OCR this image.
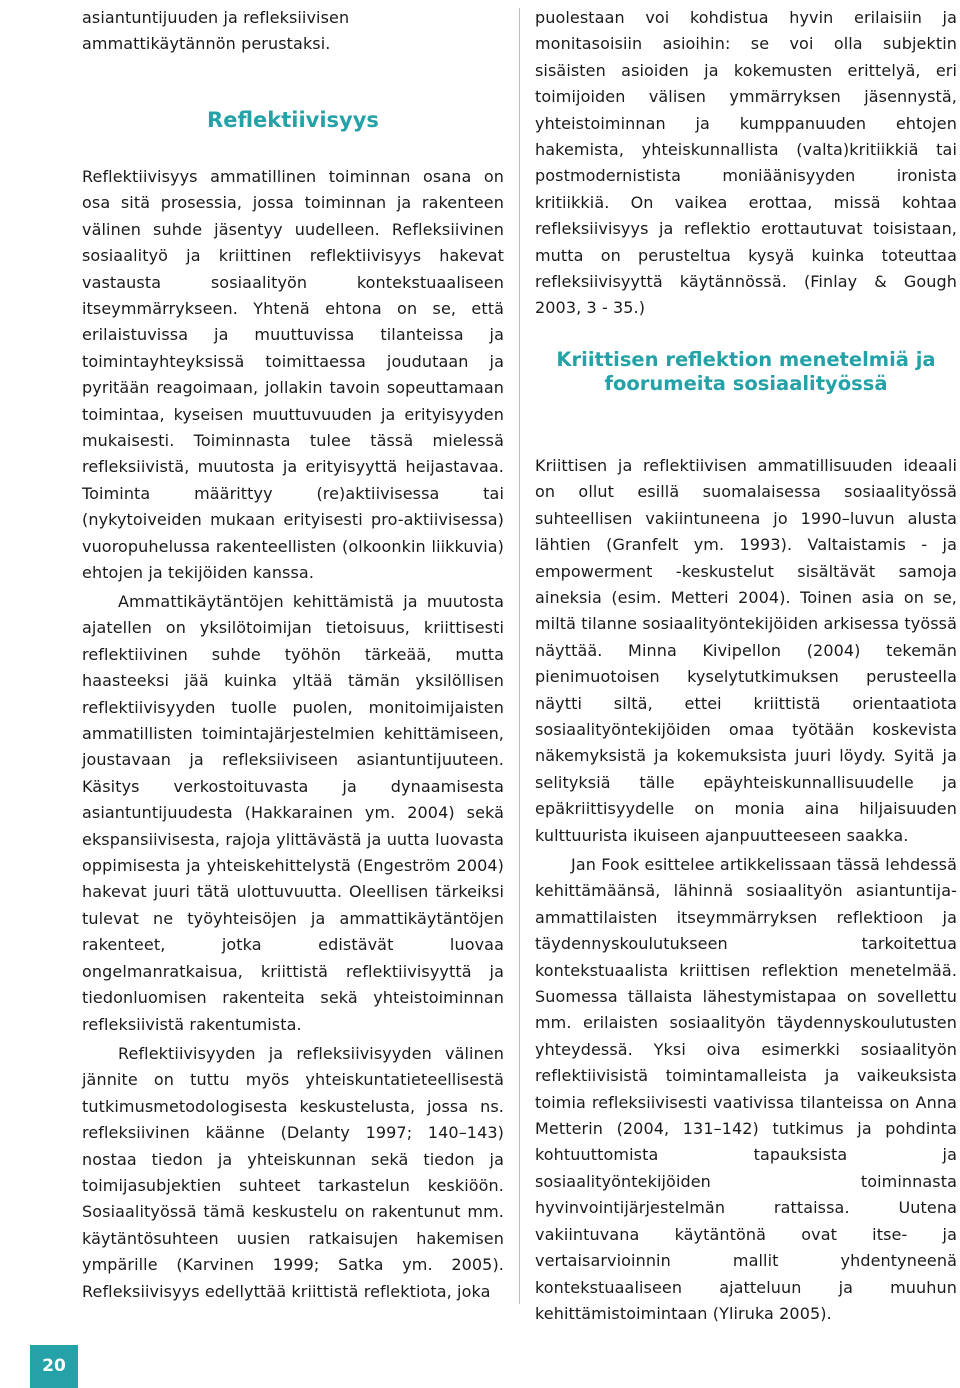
asiantuntijuuden ja refleksiivisen ammattikäytännön perustaksi.

Reflektiivisyys

Reflektiivisyys ammatillinen toiminnan osana on osa sitä prosessia, jossa toiminnan ja rakenteen välinen suhde jäsentyy uudelleen. Refleksiivinen sosiaalityö ja kriittinen reflektiivisyys hakevat vastausta sosiaalityön kontekstuaaliseen itseymmärrykseen. Yhtenä ehtona on se, että erilaistuvissa ja muuttuvissa tilanteissa ja toimintayhteyksissä toimittaessa joudutaan ja pyritään reagoimaan, jollakin tavoin sopeuttamaan toimintaa, kyseisen muuttuvuuden ja erityisyyden mukaisesti. Toiminnasta tulee tässä mielessä refleksiivistä, muutosta ja erityisyyttä heijastavaa. Toiminta määrittyy (re)aktiivisessa tai (nykytoiveiden mukaan erityisesti pro-aktiivisessa) vuoropuhelussa rakenteellisten (olkoonkin liikkuvia) ehtojen ja tekijöiden kanssa.

Ammattikäytäntöjen kehittämistä ja muutosta ajatellen on yksilötoimijan tietoisuus, kriittisesti reflektiivinen suhde työhön tärkeää, mutta haasteeksi jää kuinka yltää tämän yksilöllisen reflektiivisyyden tuolle puolen, monitoimijaisten ammatillisten toimintajärjestelmien kehittämiseen, joustavaan ja refleksiiviseen asiantuntijuuteen. Käsitys verkostoituvasta ja dynaamisesta asiantuntijuudesta (Hakkarainen ym. 2004) sekä ekspansiivisesta, rajoja ylittävästä ja uutta luovasta oppimisesta ja yhteiskehittelystä (Engeström 2004) hakevat juuri tätä ulottuvuutta. Oleellisen tärkeiksi tulevat ne työyhteisöjen ja ammattikäytäntöjen rakenteet, jotka edistävät luovaa ongelmanratkaisua, kriittistä reflektiivisyyttä ja tiedonluomisen rakenteita sekä yhteistoiminnan refleksiivistä rakentumista.

Reflektiivisyyden ja refleksiivisyyden välinen jännite on tuttu myös yhteiskuntatieteellisestä tutkimusmetodologisesta keskustelusta, jossa ns. refleksiivinen käänne (Delanty 1997; 140–143) nostaa tiedon ja yhteiskunnan sekä tiedon ja toimijasubjektien suhteet tarkastelun keskiöön. Sosiaalityössä tämä keskustelu on rakentunut mm. käytäntösuhteen uusien ratkaisujen hakemisen ympärille (Karvinen 1999; Satka ym. 2005). Refleksiivisyys edellyttää kriittistä reflektiota, joka

puolestaan voi kohdistua hyvin erilaisiin ja monitasoisiin asioihin: se voi olla subjektin sisäisten asioiden ja kokemusten erittelyä, eri toimijoiden välisen ymmärryksen jäsennystä, yhteistoiminnan ja kumppanuuden ehtojen hakemista, yhteiskunnallista (valta)kritiikkiä tai postmodernistista moniäänisyyden ironista kritiikkiä. On vaikea erottaa, missä kohtaa refleksiivisyys ja reflektio erottautuvat toisistaan, mutta on perusteltua kysyä kuinka toteuttaa refleksiivisyyttä käytännössä. (Finlay & Gough 2003, 3 - 35.)

Kriittisen reflektion menetelmiä ja foorumeita sosiaalityössä

Kriittisen ja reflektiivisen ammatillisuuden ideaali on ollut esillä suomalaisessa sosiaalityössä suhteellisen vakiintuneena jo 1990–luvun alusta lähtien (Granfelt ym. 1993). Valtaistamis - ja empowerment -keskustelut sisältävät samoja aineksia (esim. Metteri 2004). Toinen asia on se, miltä tilanne sosiaalityöntekijöiden arkisessa työssä näyttää. Minna Kivipellon (2004) tekemän pienimuotoisen kyselytutkimuksen perusteella näytti siltä, ettei kriittistä orientaatiota sosiaalityöntekijöiden omaa työtään koskevista näkemyksistä ja kokemuksista juuri löydy. Syitä ja selityksiä tälle epäyhteiskunnallisuudelle ja epäkriittisyydelle on monia aina hiljaisuuden kulttuurista ikuiseen ajanpuutteeseen saakka.

Jan Fook esittelee artikkelissaan tässä lehdessä kehittämäänsä, lähinnä sosiaalityön asiantuntija-ammattilaisten itseymmärryksen reflektioon ja täydennyskoulutukseen tarkoitettua kontekstuaalista kriittisen reflektion menetelmää. Suomessa tällaista lähestymistapaa on sovellettu mm. erilaisten sosiaalityön täydennyskoulutusten yhteydessä. Yksi oiva esimerkki sosiaalityön reflektiivisistä toimintamalleista ja vaikeuksista toimia refleksiivisesti vaativissa tilanteissa on Anna Metterin (2004, 131–142) tutkimus ja pohdinta kohtuuttomista tapauksista ja sosiaalityöntekijöiden toiminnasta hyvinvointijärjestelmän rattaissa. Uutena vakiintuvana käytäntönä ovat itse- ja vertaisarvioinnin mallit yhdentyneenä kontekstuaaliseen ajatteluun ja muuhun kehittämistoimintaan (Yliruka 2005).

20
